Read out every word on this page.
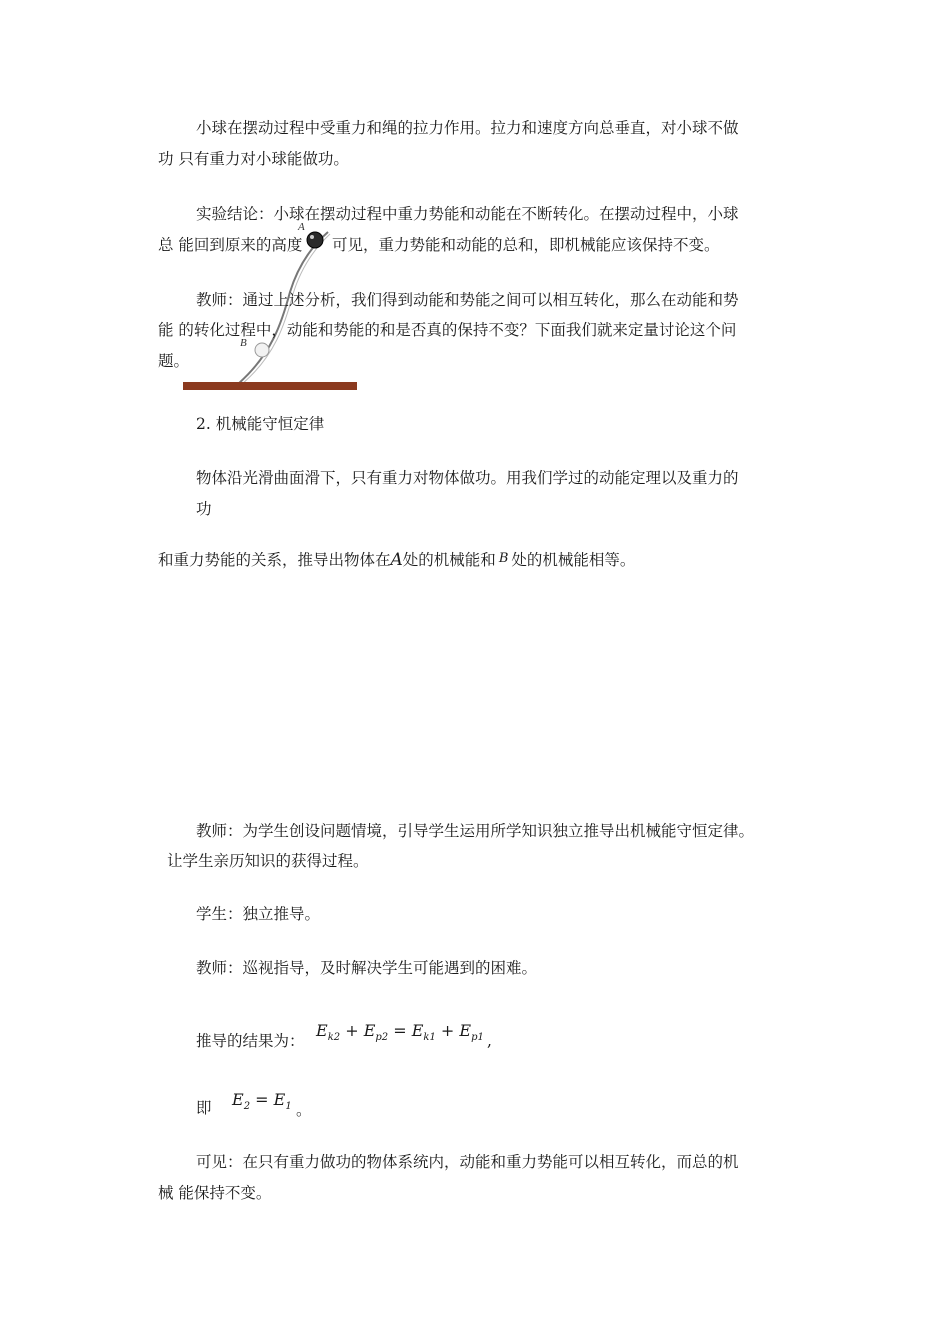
小球在摆动过程中受重力和绳的拉力作用。拉力和速度方向总垂直，对小球不做
功 只有重力对小球能做功。
实验结论：小球在摆动过程中重力势能和动能在不断转化。在摆动过程中，小球
总 能回到原来的高度 可见，重力势能和动能的总和，即机械能应该保持不变。
A
B
教师：通过上述分析，我们得到动能和势能之间可以相互转化，那么在动能和势
能 的转化过程中，动能和势能的和是否真的保持不变？下面我们就来定量讨论这个问
题。
2. 机械能守恒定律
物体沿光滑曲面滑下，只有重力对物体做功。用我们学过的动能定理以及重力的
功
和重力势能的关系，推导出物体在A处的机械能和 B 处的机械能相等。
教师：为学生创设问题情境，引导学生运用所学知识独立推导出机械能守恒定律。
让学生亲历知识的获得过程。
学生：独立推导。
教师：巡视指导，及时解决学生可能遇到的困难。
推导的结果为：
$E_{k2} + E_{p2} = E_{k1} + E_{p1}$ ,
即 $E_2 = E_1$ 。
可见：在只有重力做功的物体系统内，动能和重力势能可以相互转化，而总的机
械 能保持不变。
